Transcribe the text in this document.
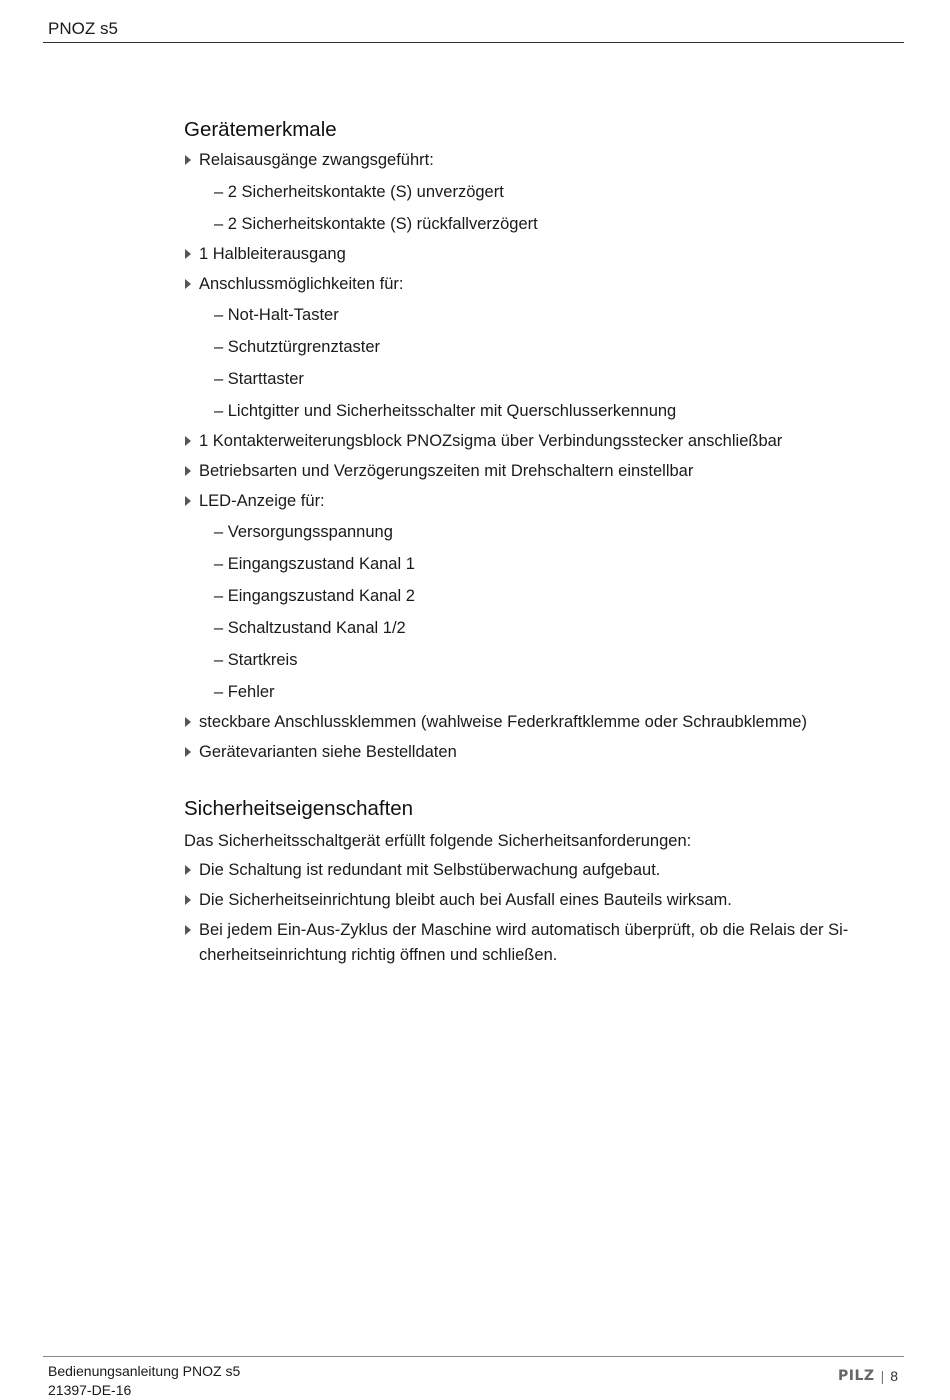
PNOZ s5
Gerätemerkmale
Relaisausgänge zwangsgeführt:
– 2 Sicherheitskontakte (S) unverzögert
– 2 Sicherheitskontakte (S) rückfallverzögert
1 Halbleiterausgang
Anschlussmöglichkeiten für:
– Not-Halt-Taster
– Schutztürgrenztaster
– Starttaster
– Lichtgitter und Sicherheitsschalter mit Querschlusserkennung
1 Kontakterweiterungsblock PNOZsigma über Verbindungsstecker anschließbar
Betriebsarten und Verzögerungszeiten mit Drehschaltern einstellbar
LED-Anzeige für:
– Versorgungsspannung
– Eingangszustand Kanal 1
– Eingangszustand Kanal 2
– Schaltzustand Kanal 1/2
– Startkreis
– Fehler
steckbare Anschlussklemmen (wahlweise Federkraftklemme oder Schraubklemme)
Gerätevarianten siehe Bestelldaten
Sicherheitseigenschaften
Das Sicherheitsschaltgerät erfüllt folgende Sicherheitsanforderungen:
Die Schaltung ist redundant mit Selbstüberwachung aufgebaut.
Die Sicherheitseinrichtung bleibt auch bei Ausfall eines Bauteils wirksam.
Bei jedem Ein-Aus-Zyklus der Maschine wird automatisch überprüft, ob die Relais der Si-
cherheitseinrichtung richtig öffnen und schließen.
Bedienungsanleitung PNOZ s5
21397-DE-16
PILZ | 8
